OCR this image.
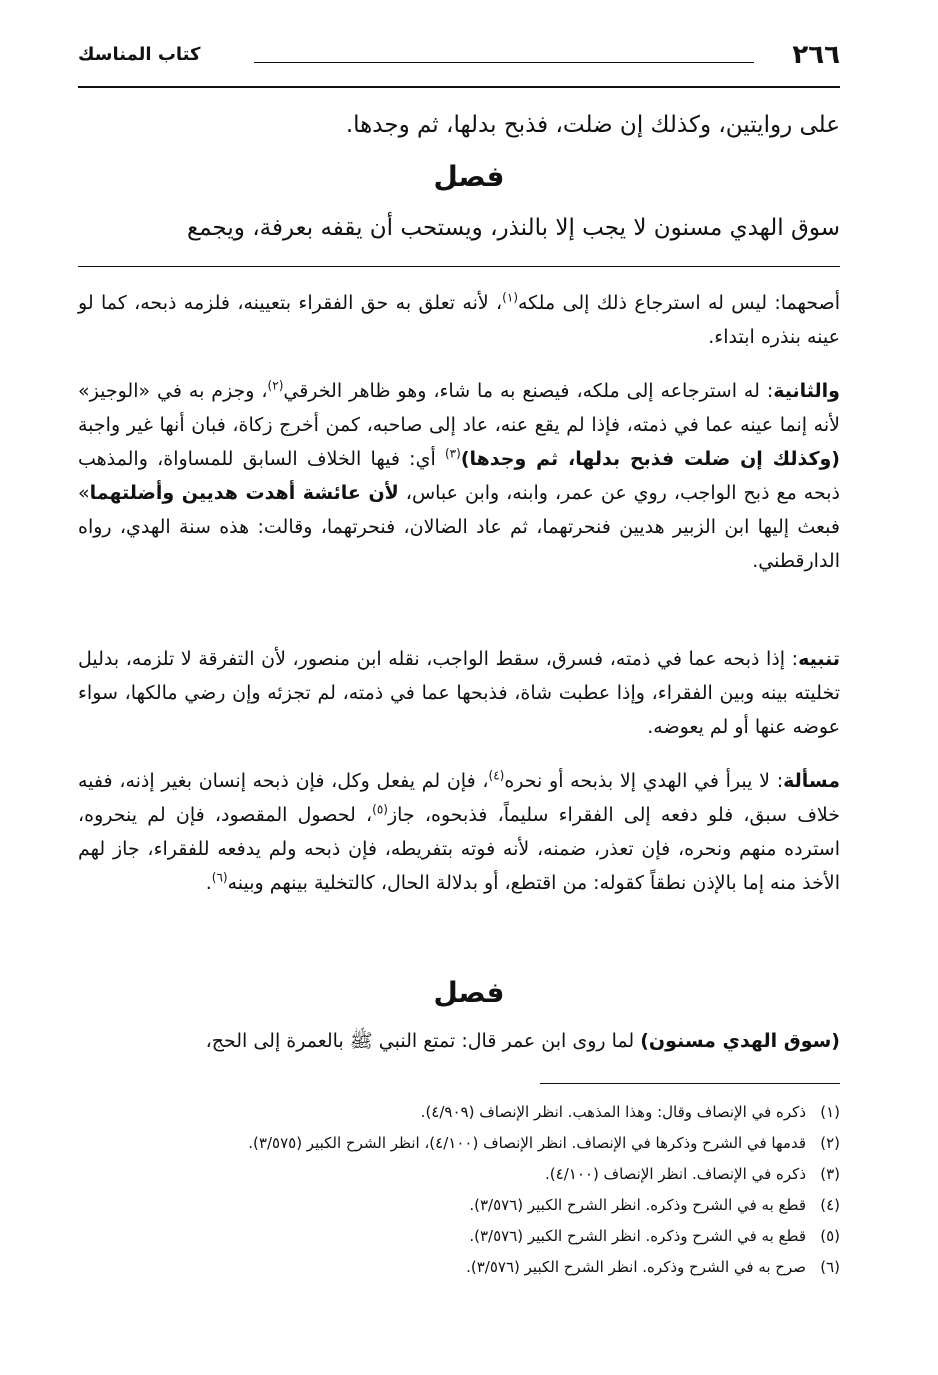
٢٦٦
كتاب المناسك
على روايتين، وكذلك إن ضلت، فذبح بدلها، ثم وجدها.
فصل
سوق الهدي مسنون لا يجب إلا بالنذر، ويستحب أن يقفه بعرفة، ويجمع

أصحهما: ليس له استرجاع ذلك إلى ملكه$^{(١)}$، لأنه تعلق به حق الفقراء بتعيينه، فلزمه ذبحه، كما لو عينه بنذره ابتداء.

والثانية: له استرجاعه إلى ملكه، فيصنع به ما شاء، وهو ظاهر الخرقي$^{(٢)}$، وجزم به في «الوجيز» لأنه إنما عينه عما في ذمته، فإذا لم يقع عنه، عاد إلى صاحبه، كمن أخرج زكاة، فبان أنها غير واجبة (وكذلك إن ضلت فذبح بدلها، ثم وجدها)$^{(٣)}$ أي: فيها الخلاف السابق للمساواة، والمذهب ذبحه مع ذبح الواجب، روي عن عمر، وابنه، وابن عباس، لأن عائشة أهدت هديين وأضلتهما» فبعث إليها ابن الزبير هديين فنحرتهما، ثم عاد الضالان، فنحرتهما، وقالت: هذه سنة الهدي، رواه الدارقطني.

تنبيه: إذا ذبحه عما في ذمته، فسرق، سقط الواجب، نقله ابن منصور، لأن التفرقة لا تلزمه، بدليل تخليته بينه وبين الفقراء، وإذا عطبت شاة، فذبحها عما في ذمته، لم تجزئه وإن رضي مالكها، سواء عوضه عنها أو لم يعوضه.

مسألة: لا يبرأ في الهدي إلا بذبحه أو نحره$^{(٤)}$، فإن لم يفعل وكل، فإن ذبحه إنسان بغير إذنه، ففيه خلاف سبق، فلو دفعه إلى الفقراء سليماً، فذبحوه، جاز$^{(٥)}$، لحصول المقصود، فإن لم ينحروه، استرده منهم ونحره، فإن تعذر، ضمنه، لأنه فوته بتفريطه، فإن ذبحه ولم يدفعه للفقراء، جاز لهم الأخذ منه إما بالإذن نطقاً كقوله: من اقتطع، أو بدلالة الحال، كالتخلية بينهم وبينه$^{(٦)}$.

فصل

(سوق الهدي مسنون) لما روى ابن عمر قال: تمتع النبي ﷺ بالعمرة إلى الحج،

(١)ذكره في الإنصاف وقال: وهذا المذهب. انظر الإنصاف (٤/٩٠٩).
(٢)قدمها في الشرح وذكرها في الإنصاف. انظر الإنصاف (٤/١٠٠)، انظر الشرح الكبير (٣/٥٧٥).
(٣)ذكره في الإنصاف. انظر الإنصاف (٤/١٠٠).
(٤)قطع به في الشرح وذكره. انظر الشرح الكبير (٣/٥٧٦).
(٥)قطع به في الشرح وذكره. انظر الشرح الكبير (٣/٥٧٦).
(٦)صرح به في الشرح وذكره. انظر الشرح الكبير (٣/٥٧٦).
